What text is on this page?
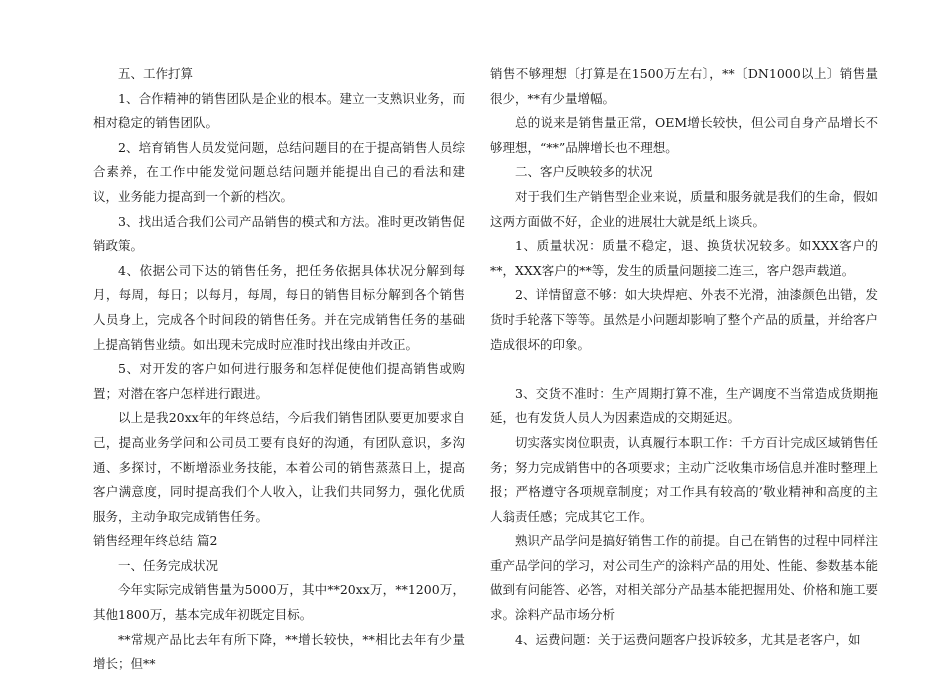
五、工作打算

1、合作精神的销售团队是企业的根本。建立一支熟识业务，而相对稳定的销售团队。

2、培育销售人员发觉问题，总结问题目的在于提高销售人员综合素养，在工作中能发觉问题总结问题并能提出自己的看法和建议，业务能力提高到一个新的档次。

3、找出适合我们公司产品销售的模式和方法。准时更改销售促销政策。

4、依据公司下达的销售任务，把任务依据具体状况分解到每月，每周，每日；以每月，每周，每日的销售目标分解到各个销售人员身上，完成各个时间段的销售任务。并在完成销售任务的基础上提高销售业绩。如出现未完成时应准时找出缘由并改正。

5、对开发的客户如何进行服务和怎样促使他们提高销售或购置；对潜在客户怎样进行跟进。

以上是我20xx年的年终总结，今后我们销售团队要更加要求自己，提高业务学问和公司员工要有良好的沟通，有团队意识，多沟通、多探讨，不断增添业务技能，本着公司的销售蒸蒸日上，提高客户满意度，同时提高我们个人收入，让我们共同努力，强化优质服务，主动争取完成销售任务。

销售经理年终总结 篇2

一、任务完成状况

今年实际完成销售量为5000万，其中**20xx万，**1200万，其他1800万，基本完成年初既定目标。

**常规产品比去年有所下降，**增长较快，**相比去年有少量增长；但**

销售不够理想〔打算是在1500万左右〕，**〔DN1000以上〕销售量很少，**有少量增幅。

总的说来是销售量正常，OEM增长较快，但公司自身产品增长不够理想，“**”品牌增长也不理想。

二、客户反映较多的状况

对于我们生产销售型企业来说，质量和服务就是我们的生命，假如这两方面做不好，企业的进展壮大就是纸上谈兵。

1、质量状况：质量不稳定，退、换货状况较多。如XXX客户的**，XXX客户的**等，发生的质量问题接二连三，客户怨声载道。

2、详情留意不够：如大块焊疤、外表不光滑，油漆颜色出错，发货时手轮落下等等。虽然是小问题却影响了整个产品的质量，并给客户造成很坏的印象。

3、交货不准时：生产周期打算不准，生产调度不当常造成货期拖延，也有发货人员人为因素造成的交期延迟。

切实落实岗位职责，认真履行本职工作：千方百计完成区域销售任务；努力完成销售中的各项要求；主动广泛收集市场信息并准时整理上报；严格遵守各项规章制度；对工作具有较高的’敬业精神和高度的主人翁责任感；完成其它工作。

熟识产品学问是搞好销售工作的前提。自己在销售的过程中同样注重产品学问的学习，对公司生产的涂料产品的用处、性能、参数基本能做到有问能答、必答，对相关部分产品基本能把握用处、价格和施工要求。涂料产品市场分析

4、运费问题：关于运费问题客户投诉较多，尤其是老客户，如
